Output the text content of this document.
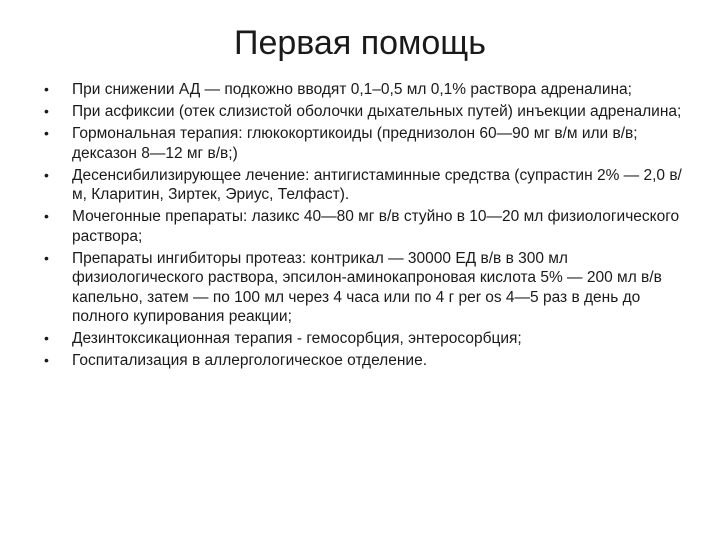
Первая помощь
• При снижении АД — подкожно вводят 0,1–0,5 мл 0,1% раствора адреналина;
• При асфиксии (отек слизистой оболочки дыхательных путей) инъекции адреналина;
• Гормональная терапия: глюкокортикоиды (преднизолон 60—90 мг в/м или в/в; дексазон 8—12 мг в/в;)
• Десенсибилизирующее лечение: антигистаминные средства (супрастин 2% — 2,0 в/м, Кларитин, Зиртек, Эриус, Телфаст).
• Мочегонные препараты: лазикс 40—80 мг в/в стуйно в 10—20 мл физиологического раствора;
• Препараты ингибиторы протеаз: контрикал — 30000 ЕД в/в в 300 мл физиологического раствора, эпсилон-аминокапроновая кислота 5% — 200 мл в/в капельно, затем — по 100 мл через 4 часа или по 4 г per os 4—5 раз в день до полного купирования реакции;
• Дезинтоксикационная терапия - гемосорбция, энтеросорбция;
• Госпитализация в аллергологическое отделение.
